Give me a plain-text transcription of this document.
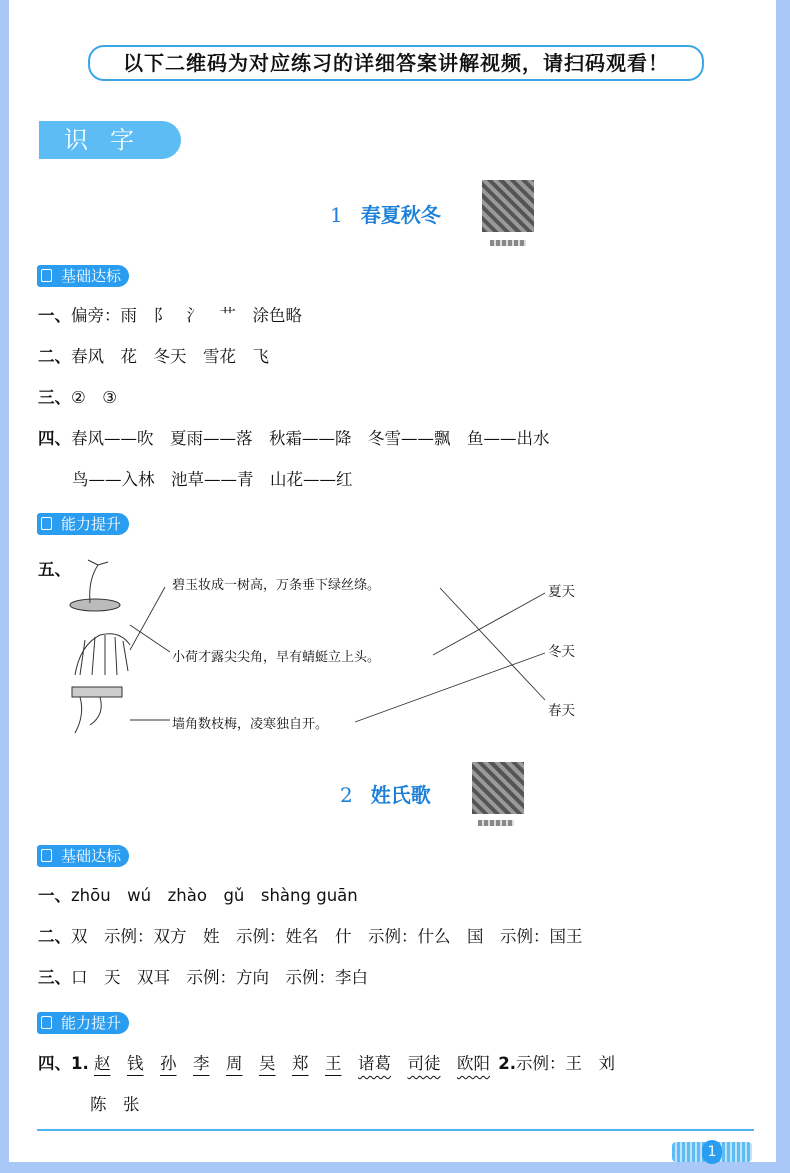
以下二维码为对应练习的详细答案讲解视频，请扫码观看！
识字
1 春夏秋冬
基础达标
一、偏旁：雨　⻖　氵　艹　涂色略
二、春风　花　冬天　雪花　飞
三、②　③
四、春风——吹　夏雨——落　秋霜——降　冬雪——飘　鱼——出水
鸟——入林　池草——青　山花——红
能力提升
五、
碧玉妆成一树高，万条垂下绿丝绦。
小荷才露尖尖角，早有蜻蜓立上头。
墙角数枝梅，凌寒独自开。
夏天
冬天
春天
2 姓氏歌
基础达标
一、zhōu　wú　zhào　gǔ　shàng guān
二、双　示例：双方　姓　示例：姓名　什　示例：什么　国　示例：国王
三、口　天　双耳　示例：方向　示例：李白
能力提升
四、1. 赵  钱  孙  李  周  吴  郑  王  诸葛  司徒  欧阳  2.示例：王　刘
陈　张
1
